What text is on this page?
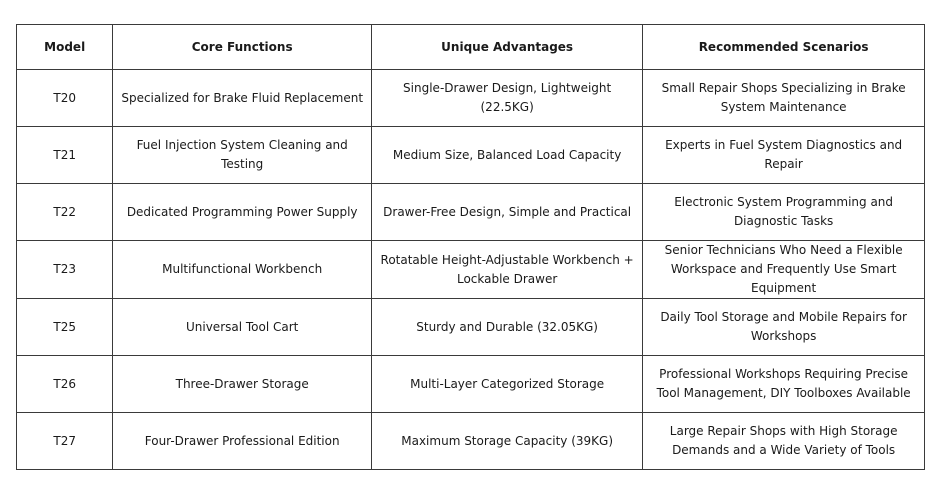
Model	Core Functions	Unique Advantages	Recommended Scenarios
T20	Specialized for Brake Fluid Replacement	Single-Drawer Design, Lightweight (22.5KG)	Small Repair Shops Specializing in Brake System Maintenance
T21	Fuel Injection System Cleaning and Testing	Medium Size, Balanced Load Capacity	Experts in Fuel System Diagnostics and Repair
T22	Dedicated Programming Power Supply	Drawer-Free Design, Simple and Practical	Electronic System Programming and Diagnostic Tasks
T23	Multifunctional Workbench	Rotatable Height-Adjustable Workbench + Lockable Drawer	Senior Technicians Who Need a Flexible Workspace and Frequently Use Smart Equipment
T25	Universal Tool Cart	Sturdy and Durable (32.05KG)	Daily Tool Storage and Mobile Repairs for Workshops
T26	Three-Drawer Storage	Multi-Layer Categorized Storage	Professional Workshops Requiring Precise Tool Management, DIY Toolboxes Available
T27	Four-Drawer Professional Edition	Maximum Storage Capacity (39KG)	Large Repair Shops with High Storage Demands and a Wide Variety of Tools
